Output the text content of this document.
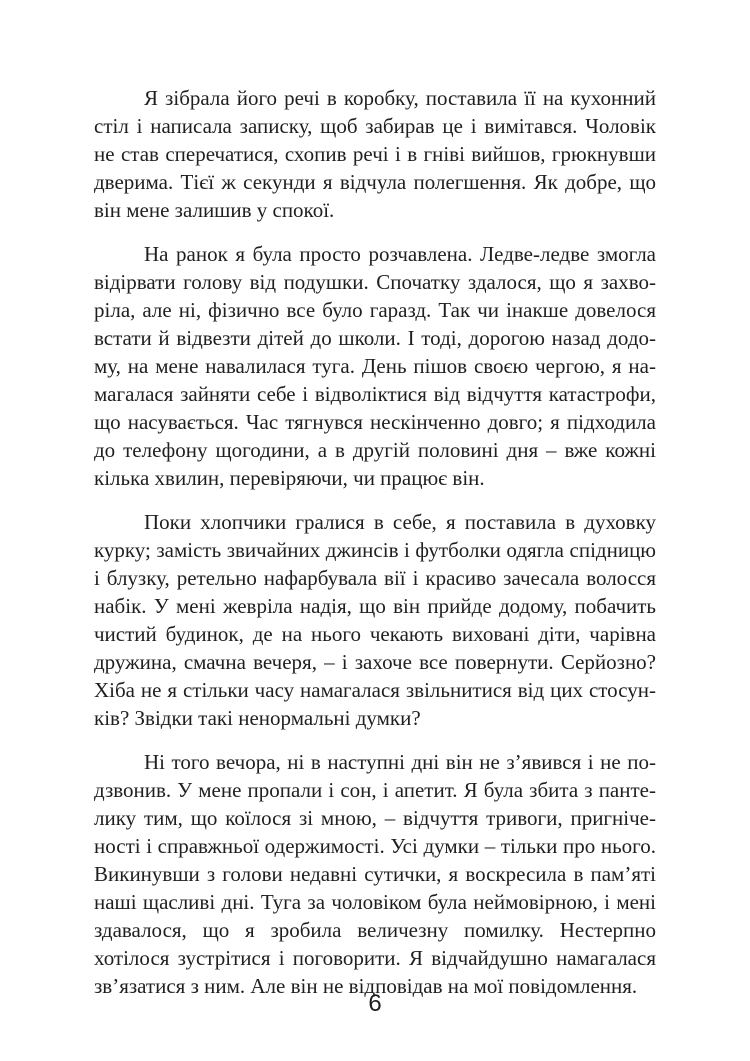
Я зібрала його речі в коробку, поставила її на кухонний стіл і написала записку, щоб забирав це і вимітався. Чоловік не став сперечатися, схопив речі і в гніві вийшов, грюкнувши дверима. Тієї ж секунди я відчула полегшення. Як добре, що він мене залишив у спокої.

На ранок я була просто розчавлена. Ледве-ледве змогла відірвати голову від подушки. Спочатку здалося, що я захворіла, але ні, фізично все було гаразд. Так чи інакше довелося встати й відвезти дітей до школи. І тоді, дорогою назад додому, на мене навалилася туга. День пішов своєю чергою, я намагалася зайняти себе і відволіктися від відчуття катастрофи, що насувається. Час тягнувся нескінченно довго; я підходила до телефону щогодини, а в другій половині дня – вже кожні кілька хвилин, перевіряючи, чи працює він.

Поки хлопчики гралися в себе, я поставила в духовку курку; замість звичайних джинсів і футболки одягла спідницю і блузку, ретельно нафарбувала вії і красиво зачесала волосся набік. У мені жевріла надія, що він прийде додому, побачить чистий будинок, де на нього чекають виховані діти, чарівна дружина, смачна вечеря, – і захоче все повернути. Серйозно? Хіба не я стільки часу намагалася звільнитися від цих стосунків? Звідки такі ненормальні думки?

Ні того вечора, ні в наступні дні він не з’явився і не подзвонив. У мене пропали і сон, і апетит. Я була збита з пантелику тим, що коїлося зі мною, – відчуття тривоги, пригніченості і справжньої одержимості. Усі думки – тільки про нього. Викинувши з голови недавні сутички, я воскресила в пам’яті наші щасливі дні. Туга за чоловіком була неймовірною, і мені здавалося, що я зробила величезну помилку. Нестерпно хотілося зустрітися і поговорити. Я відчайдушно намагалася зв’язатися з ним. Але він не відповідав на мої повідомлення.

6
